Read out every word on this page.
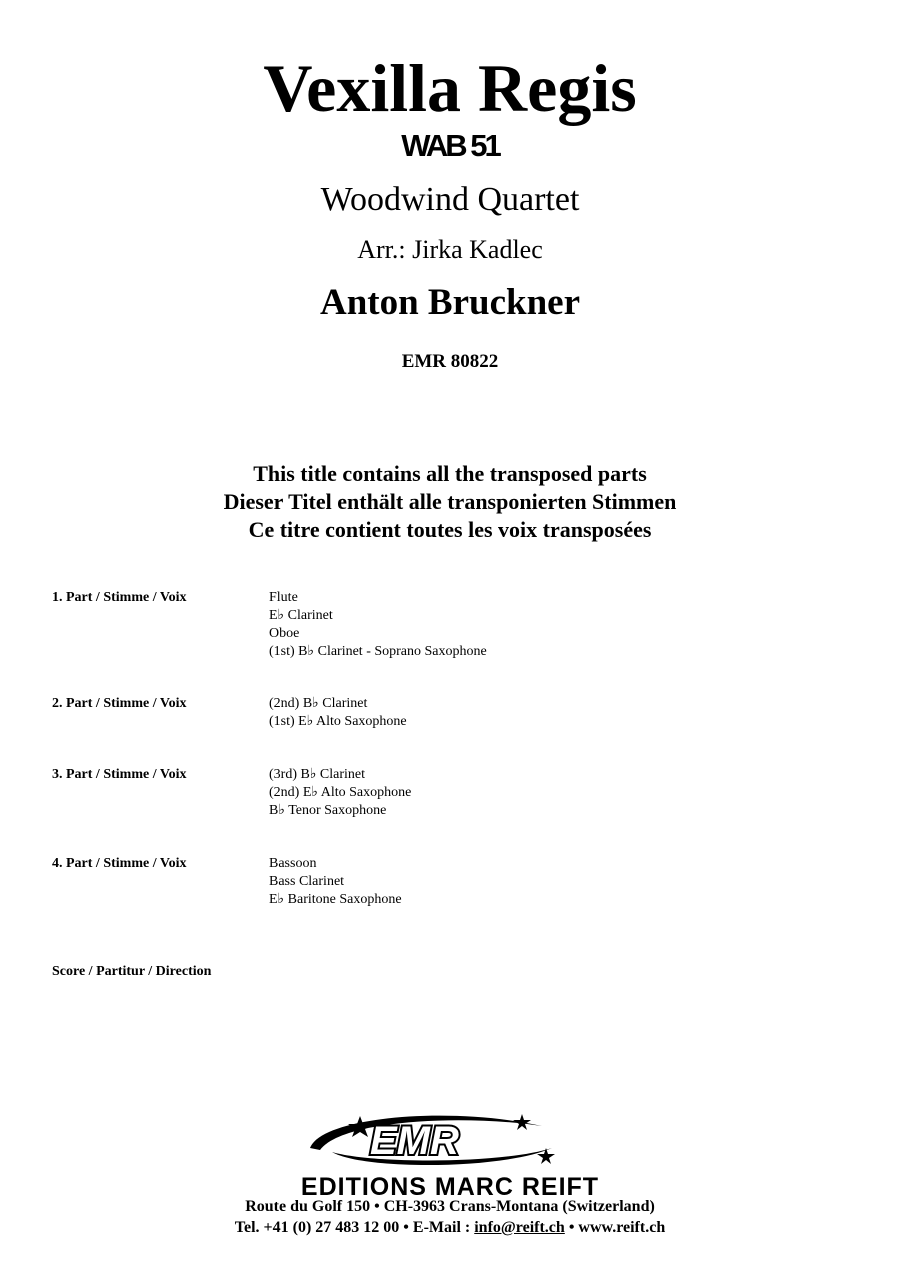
Vexilla Regis
WAB 51
Woodwind Quartet
Arr.: Jirka Kadlec
Anton Bruckner
EMR 80822
This title contains all the transposed parts
Dieser Titel enthält alle transponierten Stimmen
Ce titre contient toutes les voix transposées
1. Part / Stimme / Voix	Flute
E♭ Clarinet
Oboe
(1st) B♭ Clarinet - Soprano Saxophone
2. Part / Stimme / Voix	(2nd) B♭ Clarinet
(1st) E♭ Alto Saxophone
3. Part / Stimme / Voix	(3rd) B♭ Clarinet
(2nd) E♭ Alto Saxophone
B♭ Tenor Saxophone
4. Part / Stimme / Voix	Bassoon
Bass Clarinet
E♭ Baritone Saxophone
Score / Partitur / Direction
EMR
EDITIONS MARC REIFT
Route du Golf 150 • CH-3963 Crans-Montana (Switzerland)
Tel. +41 (0) 27 483 12 00 • E-Mail : info@reift.ch • www.reift.ch
